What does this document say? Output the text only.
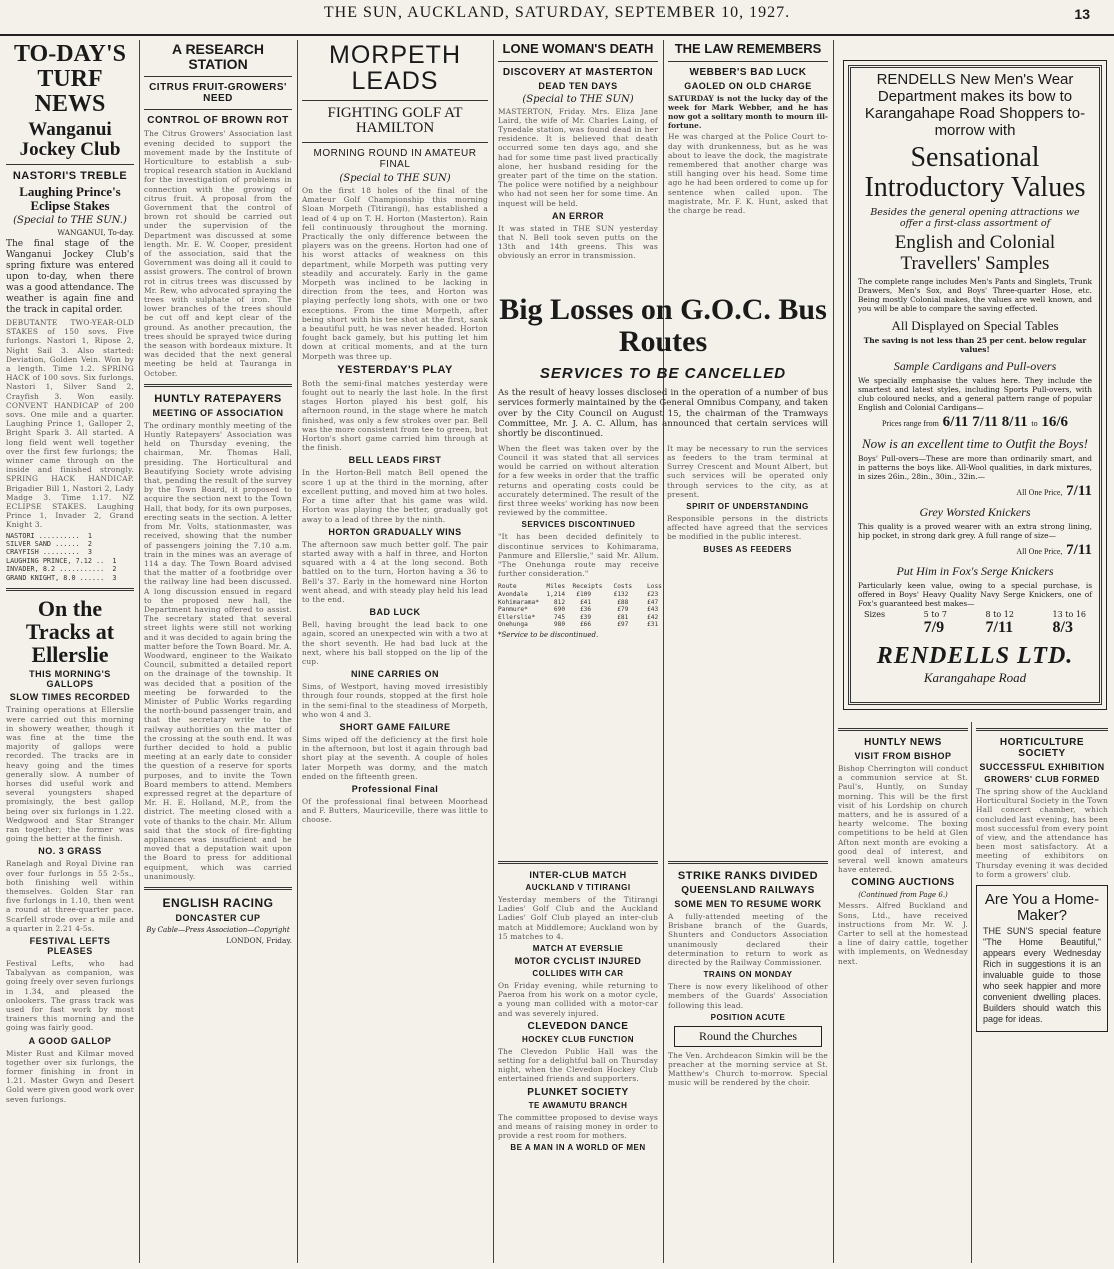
THE SUN, AUCKLAND, SATURDAY, SEPTEMBER 10, 1927.	13
TO-DAY'S TURF NEWS
Wanganui Jockey Club
NASTORI'S TREBLE
Laughing Prince's Eclipse Stakes
(Special to THE SUN.)
WANGANUI, To-day.
The final stage of the Wanganui Jockey Club's spring fixture was entered upon to-day, when there was a good attendance. The weather is again fine and the track in capital order.
DEBUTANTE TWO-YEAR-OLD STAKES of 150 sovs. Five furlongs. Nastori 1, Ripose 2, Night Sail 3. Also started: Deviation, Golden Vein. Won by a length. Time 1.2. SPRING HACK of 100 sovs. Six furlongs. Nastori 1, Silver Sand 2, Crayfish 3. Won easily. CONVENT HANDICAP of 200 sovs. One mile and a quarter. Laughing Prince 1, Galloper 2, Bright Spark 3. All started. A long field went well together over the first few furlongs; the winner came through on the inside and finished strongly. SPRING HACK HANDICAP. Brigadier Bill 1, Nastori 2, Lady Madge 3. Time 1.17. NZ ECLIPSE STAKES. Laughing Prince 1, Invader 2, Grand Knight 3.
NASTORI ..........  1
SILVER SAND ......  2
CRAYFISH .........  3
LAUGHING PRINCE, 7.12 ..  1
INVADER, 8.2 ...........  2
GRAND KNIGHT, 8.0 ......  3
On the Tracks at Ellerslie
THIS MORNING'S GALLOPS
SLOW TIMES RECORDED
Training operations at Ellerslie were carried out this morning in showery weather, though it was fine at the time the majority of gallops were recorded. The tracks are in heavy going and the times generally slow. A number of horses did useful work and several youngsters shaped promisingly, the best gallop being over six furlongs in 1.22. Wedgwood and Star Stranger ran together; the former was going the better at the finish.
NO. 3 GRASS
Ranelagh and Royal Divine ran over four furlongs in 55 2-5s., both finishing well within themselves. Golden Star ran five furlongs in 1.10, then went a round at three-quarter pace. Scarfell strode over a mile and a quarter in 2.21 4-5s.
FESTIVAL LEFTS PLEASES
Festival Lefts, who had Tabalyvan as companion, was going freely over seven furlongs in 1.34, and pleased the onlookers. The grass track was used for fast work by most trainers this morning and the going was fairly good.
A GOOD GALLOP
Mister Rust and Kilmar moved together over six furlongs, the former finishing in front in 1.21. Master Gwyn and Desert Gold were given good work over seven furlongs.
A RESEARCH STATION
CITRUS FRUIT-GROWERS' NEED
CONTROL OF BROWN ROT
The Citrus Growers' Association last evening decided to support the movement made by the Institute of Horticulture to establish a sub-tropical research station in Auckland for the investigation of problems in connection with the growing of citrus fruit. A proposal from the Government that the control of brown rot should be carried out under the supervision of the Department was discussed at some length. Mr. E. W. Cooper, president of the association, said that the Government was doing all it could to assist growers. The control of brown rot in citrus trees was discussed by Mr. Rew, who advocated spraying the trees with sulphate of iron. The lower branches of the trees should be cut off and kept clear of the ground. As another precaution, the trees should be sprayed twice during the season with bordeaux mixture. It was decided that the next general meeting be held at Tauranga in October.
HUNTLY RATEPAYERS
MEETING OF ASSOCIATION
The ordinary monthly meeting of the Huntly Ratepayers' Association was held on Thursday evening, the chairman, Mr. Thomas Hall, presiding. The Horticultural and Beautifying Society wrote advising that, pending the result of the survey by the Town Board, it proposed to acquire the section next to the Town Hall, that body, for its own purposes, erecting seats in the section. A letter from Mr. Volts, stationmaster, was received, showing that the number of passengers joining the 7.10 a.m. train in the mines was an average of 114 a day. The Town Board advised that the matter of a footbridge over the railway line had been discussed. A long discussion ensued in regard to the proposed new hall, the Department having offered to assist. The secretary stated that several street lights were still not working and it was decided to again bring the matter before the Town Board. Mr. A. Woodward, engineer to the Waikato Council, submitted a detailed report on the drainage of the township. It was decided that a position of the meeting be forwarded to the Minister of Public Works regarding the north-bound passenger train, and that the secretary write to the railway authorities on the matter of the crossing at the south end. It was further decided to hold a public meeting at an early date to consider the question of a reserve for sports purposes, and to invite the Town Board members to attend. Members expressed regret at the departure of Mr. H. E. Holland, M.P., from the district. The meeting closed with a vote of thanks to the chair. Mr. Allum said that the stock of fire-fighting appliances was insufficient and he moved that a deputation wait upon the Board to press for additional equipment, which was carried unanimously.
ENGLISH RACING
DONCASTER CUP
By Cable—Press Association—Copyright
LONDON, Friday.
MORPETH LEADS
FIGHTING GOLF AT HAMILTON
MORNING ROUND IN AMATEUR FINAL
(Special to THE SUN)
On the first 18 holes of the final of the Amateur Golf Championship this morning Sloan Morpeth (Titirangi), has established a lead of 4 up on T. H. Horton (Masterton). Rain fell continuously throughout the morning. Practically the only difference between the players was on the greens. Horton had one of his worst attacks of weakness on this department, while Morpeth was putting very steadily and accurately. Early in the game Morpeth was inclined to be lacking in direction from the tees, and Horton was playing perfectly long shots, with one or two exceptions. From the time Morpeth, after being short with his tee shot at the first, sank a beautiful putt, he was never headed. Horton fought back gamely, but his putting let him down at critical moments, and at the turn Morpeth was three up.
YESTERDAY'S PLAY
Both the semi-final matches yesterday were fought out to nearly the last hole. In the first stages Horton played his best golf, his afternoon round, in the stage where he match finished, was only a few strokes over par. Bell was the more consistent from tee to green, but Horton's short game carried him through at the finish.
BELL LEADS FIRST
In the Horton-Bell match Bell opened the score 1 up at the third in the morning, after excellent putting, and moved him at two holes. For a time after that his game was wild. Horton was playing the better, gradually got away to a lead of three by the ninth.
HORTON GRADUALLY WINS
The afternoon saw much better golf. The pair started away with a half in three, and Horton squared with a 4 at the long second. Both battled on to the turn, Horton having a 36 to Bell's 37. Early in the homeward nine Horton went ahead, and with steady play held his lead to the end.
BAD LUCK
Bell, having brought the lead back to one again, scored an unexpected win with a two at the short seventh. He had bad luck at the next, where his ball stopped on the lip of the cup.
NINE CARRIES ON
Sims, of Westport, having moved irresistibly through four rounds, stopped at the first hole in the semi-final to the steadiness of Morpeth, who won 4 and 3.
SHORT GAME FAILURE
Sims wiped off the deficiency at the first hole in the afternoon, but lost it again through bad short play at the seventh. A couple of holes later Morpeth was dormy, and the match ended on the fifteenth green.
Professional Final
Of the professional final between Moorhead and F. Butters, Mauriceville, there was little to choose.
LONE WOMAN'S DEATH
DISCOVERY AT MASTERTON
DEAD TEN DAYS
(Special to THE SUN)
MASTERTON, Friday. Mrs. Eliza Jane Laird, the wife of Mr. Charles Laing, of Tynedale station, was found dead in her residence. It is believed that death occurred some ten days ago, and she had for some time past lived practically alone, her husband residing for the greater part of the time on the station. The police were notified by a neighbour who had not seen her for some time. An inquest will be held.
AN ERROR
It was stated in THE SUN yesterday that N. Bell took seven putts on the 13th and 14th greens. This was obviously an error in transmission.
THE LAW REMEMBERS
WEBBER'S BAD LUCK
GAOLED ON OLD CHARGE
SATURDAY is not the lucky day of the week for Mark Webber, and he has now got a solitary month to mourn ill-fortune.
He was charged at the Police Court to-day with drunkenness, but as he was about to leave the dock, the magistrate remembered that another charge was still hanging over his head. Some time ago he had been ordered to come up for sentence when called upon. The magistrate, Mr. F. K. Hunt, asked that the charge be read.
Big Losses on G.O.C. Bus Routes
SERVICES TO BE CANCELLED
As the result of heavy losses disclosed in the operation of a number of bus services formerly maintained by the General Omnibus Company, and taken over by the City Council on August 15, the chairman of the Tramways Committee, Mr. J. A. C. Allum, has announced that certain services will shortly be discontinued.
When the fleet was taken over by the Council it was stated that all services would be carried on without alteration for a few weeks in order that the traffic returns and operating costs could be accurately determined. The result of the first three weeks' working has now been reviewed by the committee.
SERVICES DISCONTINUED
"It has been decided definitely to discontinue services to Kohimarama, Panmure and Ellerslie," said Mr. Allum. "The Onehunga route may receive further consideration."
It may be necessary to run the services as feeders to the tram terminal at Surrey Crescent and Mount Albert, but such services will be operated only through services to the city, as at present.
SPIRIT OF UNDERSTANDING
Responsible persons in the districts affected have agreed that the services be modified in the public interest.
BUSES AS FEEDERS
Route        Miles  Receipts   Costs    Loss
Avondale     1,214   £109      £132     £23
Kohimarama*    812    £41       £88     £47
Panmure*       690    £36       £79     £43
Ellerslie*     745    £39       £81     £42
Onehunga       980    £66       £97     £31
*Service to be discontinued.
INTER-CLUB MATCH
AUCKLAND V TITIRANGI
Yesterday members of the Titirangi Ladies' Golf Club and the Auckland Ladies' Golf Club played an inter-club match at Middlemore; Auckland won by 15 matches to 4.
MATCH AT EVERSLIE
MOTOR CYCLIST INJURED
COLLIDES WITH CAR
On Friday evening, while returning to Paeroa from his work on a motor cycle, a young man collided with a motor-car and was severely injured.
CLEVEDON DANCE
HOCKEY CLUB FUNCTION
The Clevedon Public Hall was the setting for a delightful ball on Thursday night, when the Clevedon Hockey Club entertained friends and supporters.
PLUNKET SOCIETY
TE AWAMUTU BRANCH
The committee proposed to devise ways and means of raising money in order to provide a rest room for mothers.
BE A MAN IN A WORLD OF MEN
STRIKE RANKS DIVIDED
QUEENSLAND RAILWAYS
SOME MEN TO RESUME WORK
A fully-attended meeting of the Brisbane branch of the Guards, Shunters and Conductors Association unanimously declared their determination to return to work as directed by the Railway Commissioner.
TRAINS ON MONDAY
There is now every likelihood of other members of the Guards' Association following this lead.
POSITION ACUTE
Round the Churches
The Ven. Archdeacon Simkin will be the preacher at the morning service at St. Matthew's Church to-morrow. Special music will be rendered by the choir.
RENDELLS New Men's Wear Department makes its bow to Karangahape Road Shoppers to-morrow with
Sensational Introductory Values
Besides the general opening attractions we offer a first-class assortment of
English and Colonial Travellers' Samples
The complete range includes Men's Pants and Singlets, Trunk Drawers, Men's Sox, and Boys' Three-quarter Hose, etc. Being mostly Colonial makes, the values are well known, and you will be able to compare the saving effected.
All Displayed on Special Tables
The saving is not less than 25 per cent. below regular values!
Sample Cardigans and Pull-overs
We specially emphasise the values here. They include the smartest and latest styles, including Sports Pull-overs, with club coloured necks, and a general pattern range of popular English and Colonial Cardigans—
Prices range from 6/11 7/11 8/11 to 16/6
Now is an excellent time to Outfit the Boys!
Boys' Pull-overs—These are more than ordinarily smart, and in patterns the boys like. All-Wool qualities, in dark mixtures, in sizes 26in., 28in., 30in., 32in.—
All One Price, 7/11
Grey Worsted Knickers
This quality is a proved wearer with an extra strong lining, hip pocket, in strong dark grey. A full range of size—
All One Price, 7/11
Put Him in Fox's Serge Knickers
Particularly keen value, owing to a special purchase, is offered in Boys' Heavy Quality Navy Serge Knickers, one of Fox's guaranteed best makes—
Sizes	5 to 7
7/9
8 to 12
7/11
13 to 16
8/3
RENDELLS LTD.
Karangahape Road
HUNTLY NEWS
VISIT FROM BISHOP
Bishop Cherrington will conduct a communion service at St. Paul's, Huntly, on Sunday morning. This will be the first visit of his Lordship on church matters, and he is assured of a hearty welcome. The boxing competitions to be held at Glen Afton next month are evoking a good deal of interest, and several well known amateurs have entered.
COMING AUCTIONS
(Continued from Page 6.)
Messrs. Alfred Buckland and Sons, Ltd., have received instructions from Mr. W. J. Carter to sell at the homestead a line of dairy cattle, together with implements, on Wednesday next.
HORTICULTURE SOCIETY
SUCCESSFUL EXHIBITION
GROWERS' CLUB FORMED
The spring show of the Auckland Horticultural Society in the Town Hall concert chamber, which concluded last evening, has been most successful from every point of view, and the attendance has been most satisfactory. At a meeting of exhibitors on Thursday evening it was decided to form a growers' club.
Are You a Home-Maker?
THE SUN'S special feature "The Home Beautiful," appears every Wednesday Rich in suggestions it is an invaluable guide to those who seek happier and more convenient dwelling places. Builders should watch this page for ideas.
